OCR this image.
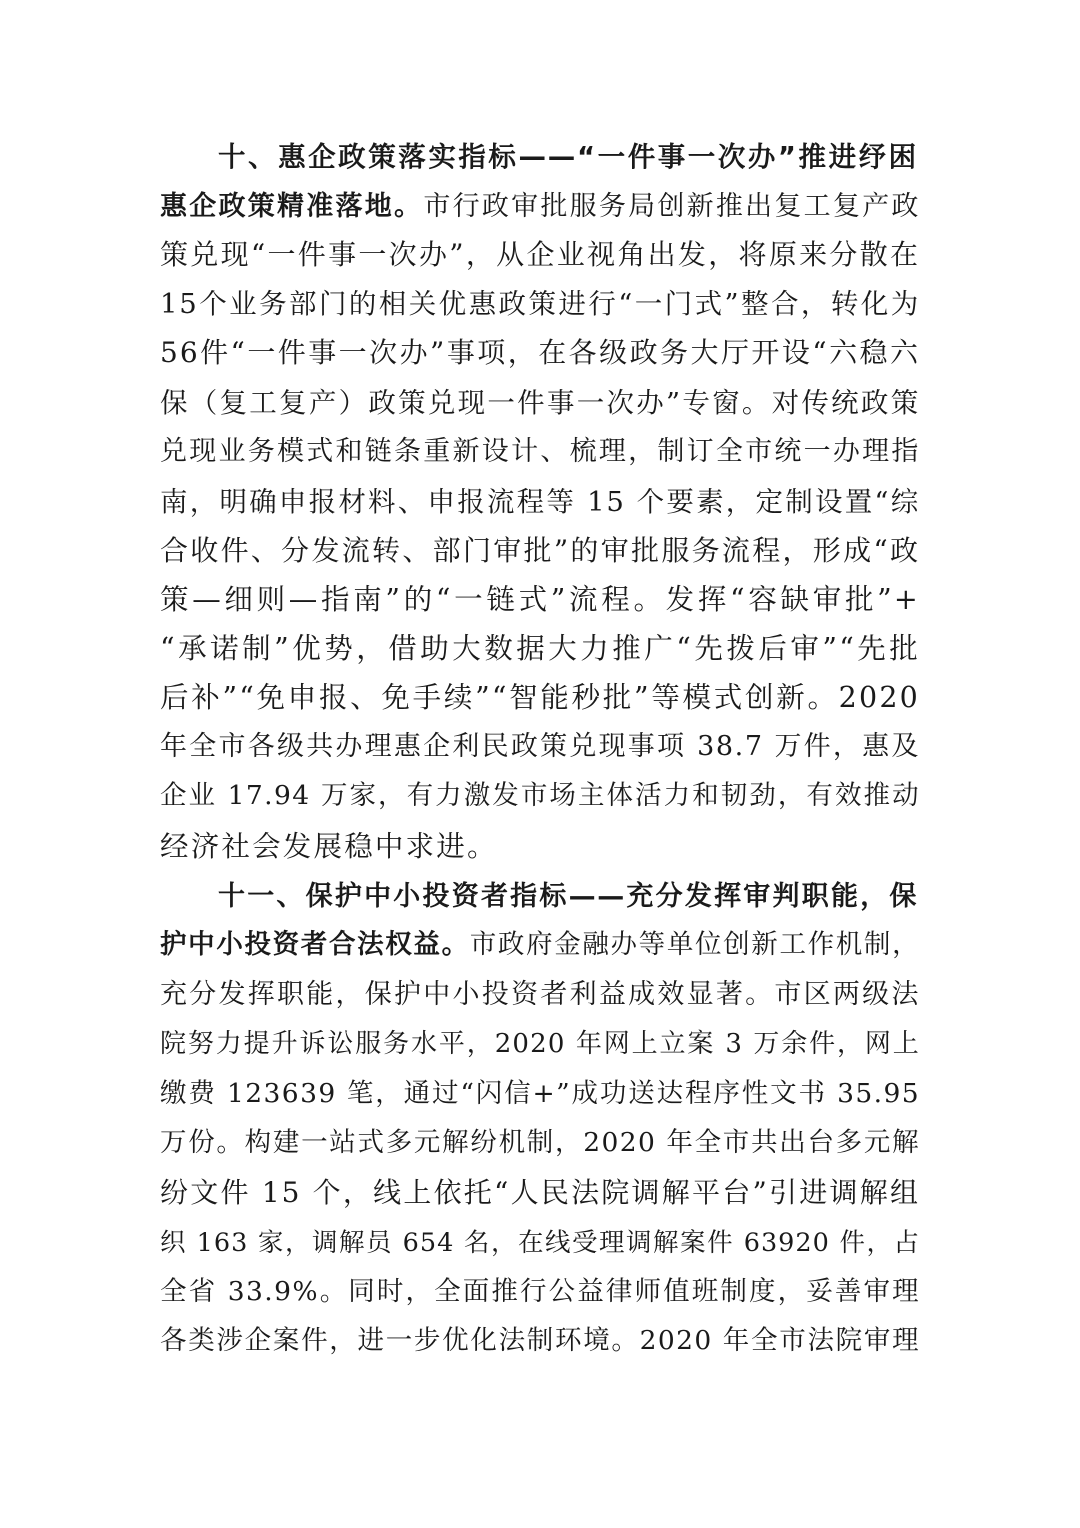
十、惠企政策落实指标——“一件事一次办”推进纾困
惠企政策精准落地。市行政审批服务局创新推出复工复产政
策兑现“一件事一次办”，从企业视角出发，将原来分散在
15个业务部门的相关优惠政策进行“一门式”整合，转化为
56件“一件事一次办”事项，在各级政务大厅开设“六稳六
保（复工复产）政策兑现一件事一次办”专窗。对传统政策
兑现业务模式和链条重新设计、梳理，制订全市统一办理指
南，明确申报材料、申报流程等 15 个要素，定制设置“综
合收件、分发流转、部门审批”的审批服务流程，形成“政
策—细则—指南”的“一链式”流程。发挥“容缺审批”+
“承诺制”优势，借助大数据大力推广“先拨后审”“先批
后补”“免申报、免手续”“智能秒批”等模式创新。2020
年全市各级共办理惠企利民政策兑现事项 38.7 万件，惠及
企业 17.94 万家，有力激发市场主体活力和韧劲，有效推动
经济社会发展稳中求进。
十一、保护中小投资者指标——充分发挥审判职能，保
护中小投资者合法权益。市政府金融办等单位创新工作机制，
充分发挥职能，保护中小投资者利益成效显著。市区两级法
院努力提升诉讼服务水平，2020 年网上立案 3 万余件，网上
缴费 123639 笔，通过“闪信+”成功送达程序性文书 35.95
万份。构建一站式多元解纷机制，2020 年全市共出台多元解
纷文件 15 个，线上依托“人民法院调解平台”引进调解组
织 163 家，调解员 654 名，在线受理调解案件 63920 件，占
全省 33.9%。同时，全面推行公益律师值班制度，妥善审理
各类涉企案件，进一步优化法制环境。2020 年全市法院审理
